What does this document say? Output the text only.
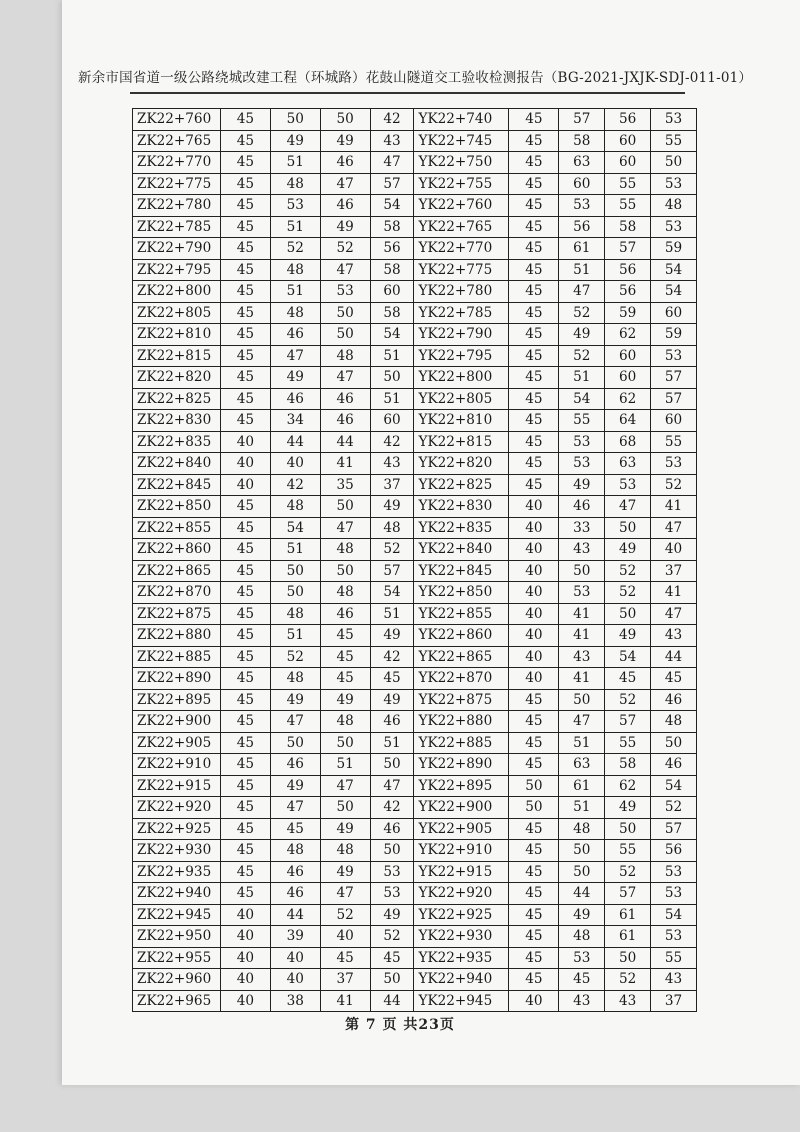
新余市国省道一级公路绕城改建工程（环城路）花鼓山隧道交工验收检测报告（BG-2021-JXJK-SDJ-011-01）
ZK22+760	45	50	50	42	YK22+740	45	57	56	53
ZK22+765	45	49	49	43	YK22+745	45	58	60	55
ZK22+770	45	51	46	47	YK22+750	45	63	60	50
ZK22+775	45	48	47	57	YK22+755	45	60	55	53
ZK22+780	45	53	46	54	YK22+760	45	53	55	48
ZK22+785	45	51	49	58	YK22+765	45	56	58	53
ZK22+790	45	52	52	56	YK22+770	45	61	57	59
ZK22+795	45	48	47	58	YK22+775	45	51	56	54
ZK22+800	45	51	53	60	YK22+780	45	47	56	54
ZK22+805	45	48	50	58	YK22+785	45	52	59	60
ZK22+810	45	46	50	54	YK22+790	45	49	62	59
ZK22+815	45	47	48	51	YK22+795	45	52	60	53
ZK22+820	45	49	47	50	YK22+800	45	51	60	57
ZK22+825	45	46	46	51	YK22+805	45	54	62	57
ZK22+830	45	34	46	60	YK22+810	45	55	64	60
ZK22+835	40	44	44	42	YK22+815	45	53	68	55
ZK22+840	40	40	41	43	YK22+820	45	53	63	53
ZK22+845	40	42	35	37	YK22+825	45	49	53	52
ZK22+850	45	48	50	49	YK22+830	40	46	47	41
ZK22+855	45	54	47	48	YK22+835	40	33	50	47
ZK22+860	45	51	48	52	YK22+840	40	43	49	40
ZK22+865	45	50	50	57	YK22+845	40	50	52	37
ZK22+870	45	50	48	54	YK22+850	40	53	52	41
ZK22+875	45	48	46	51	YK22+855	40	41	50	47
ZK22+880	45	51	45	49	YK22+860	40	41	49	43
ZK22+885	45	52	45	42	YK22+865	40	43	54	44
ZK22+890	45	48	45	45	YK22+870	40	41	45	45
ZK22+895	45	49	49	49	YK22+875	45	50	52	46
ZK22+900	45	47	48	46	YK22+880	45	47	57	48
ZK22+905	45	50	50	51	YK22+885	45	51	55	50
ZK22+910	45	46	51	50	YK22+890	45	63	58	46
ZK22+915	45	49	47	47	YK22+895	50	61	62	54
ZK22+920	45	47	50	42	YK22+900	50	51	49	52
ZK22+925	45	45	49	46	YK22+905	45	48	50	57
ZK22+930	45	48	48	50	YK22+910	45	50	55	56
ZK22+935	45	46	49	53	YK22+915	45	50	52	53
ZK22+940	45	46	47	53	YK22+920	45	44	57	53
ZK22+945	40	44	52	49	YK22+925	45	49	61	54
ZK22+950	40	39	40	52	YK22+930	45	48	61	53
ZK22+955	40	40	45	45	YK22+935	45	53	50	55
ZK22+960	40	40	37	50	YK22+940	45	45	52	43
ZK22+965	40	38	41	44	YK22+945	40	43	43	37
第 7 页 共23页
